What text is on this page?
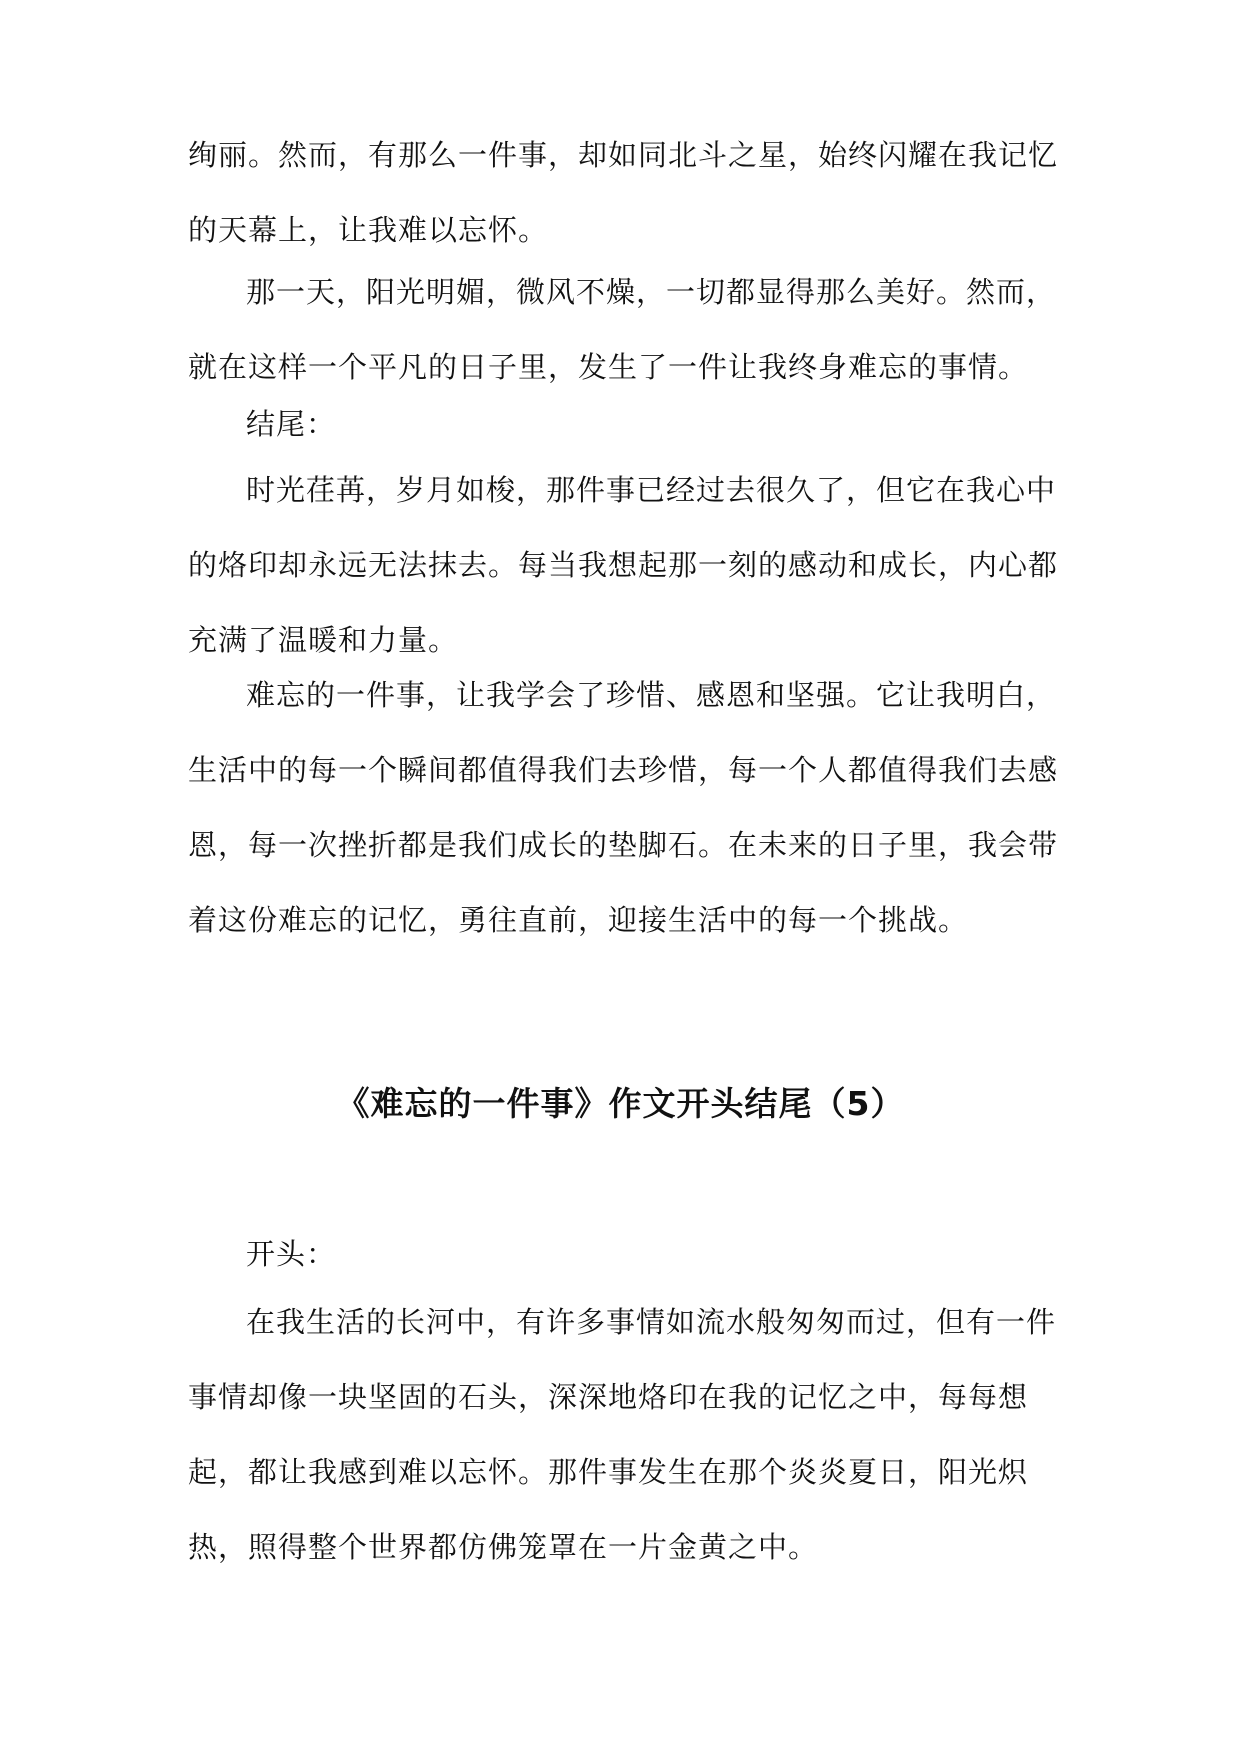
绚丽。然而，有那么一件事，却如同北斗之星，始终闪耀在我记忆的天幕上，让我难以忘怀。
那一天，阳光明媚，微风不燥，一切都显得那么美好。然而，就在这样一个平凡的日子里，发生了一件让我终身难忘的事情。
结尾：
时光荏苒，岁月如梭，那件事已经过去很久了，但它在我心中的烙印却永远无法抹去。每当我想起那一刻的感动和成长，内心都充满了温暖和力量。
难忘的一件事，让我学会了珍惜、感恩和坚强。它让我明白，生活中的每一个瞬间都值得我们去珍惜，每一个人都值得我们去感恩，每一次挫折都是我们成长的垫脚石。在未来的日子里，我会带着这份难忘的记忆，勇往直前，迎接生活中的每一个挑战。
《难忘的一件事》作文开头结尾（5）
开头：
在我生活的长河中，有许多事情如流水般匆匆而过，但有一件事情却像一块坚固的石头，深深地烙印在我的记忆之中，每每想起，都让我感到难以忘怀。那件事发生在那个炎炎夏日，阳光炽热，照得整个世界都仿佛笼罩在一片金黄之中。
